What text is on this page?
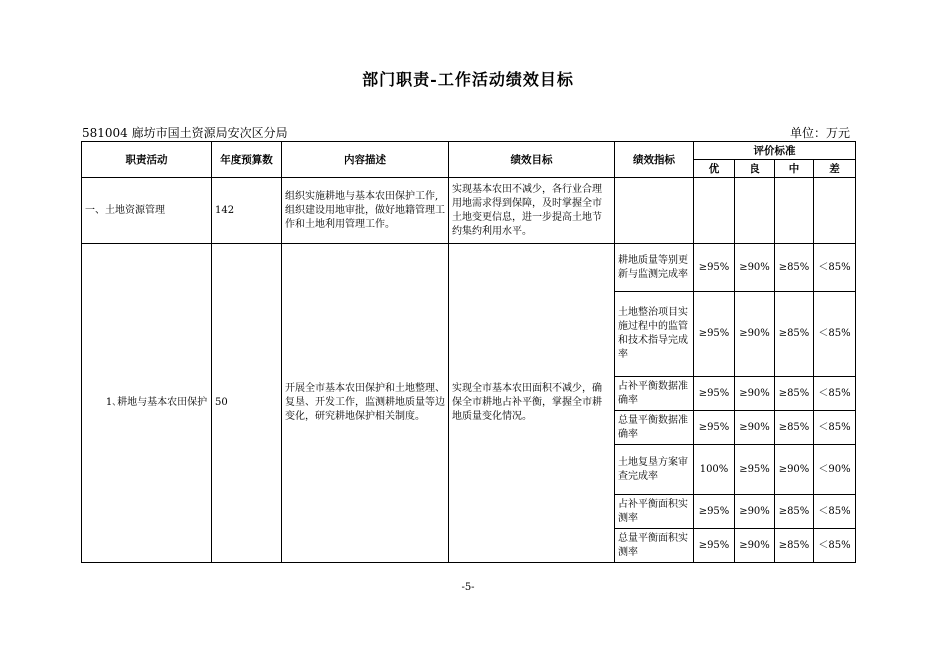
部门职责-工作活动绩效目标
581004 廊坊市国土资源局安次区分局	单位：万元
职责活动	年度预算数	内容描述	绩效目标	绩效指标	评价标准			
					优	良	中	差
一、土地资源管理	142	组织实施耕地与基本农田保护工作,组织建设用地审批，做好地籍管理工作和土地利用管理工作。	实现基本农田不减少，各行业合理用地需求得到保障，及时掌握全市土地变更信息，进一步提高土地节约集约利用水平。					

1､耕地与基本农田保护	50	开展全市基本农田保护和土地整理、复垦、开发工作，监测耕地质量等边变化，研究耕地保护相关制度。	实现全市基本农田面积不减少，确保全市耕地占补平衡，掌握全市耕地质量变化情况。	耕地质量等别更新与监测完成率	≥95%	≥90%	≥85%	＜85%
				土地整治项目实施过程中的监管和技术指导完成率	≥95%	≥90%	≥85%	＜85%
				占补平衡数据准确率	≥95%	≥90%	≥85%	＜85%
				总量平衡数据准确率	≥95%	≥90%	≥85%	＜85%
				土地复垦方案审查完成率	100%	≥95%	≥90%	＜90%
				占补平衡面积实测率	≥95%	≥90%	≥85%	＜85%
				总量平衡面积实测率	≥95%	≥90%	≥85%	＜85%
-5-
